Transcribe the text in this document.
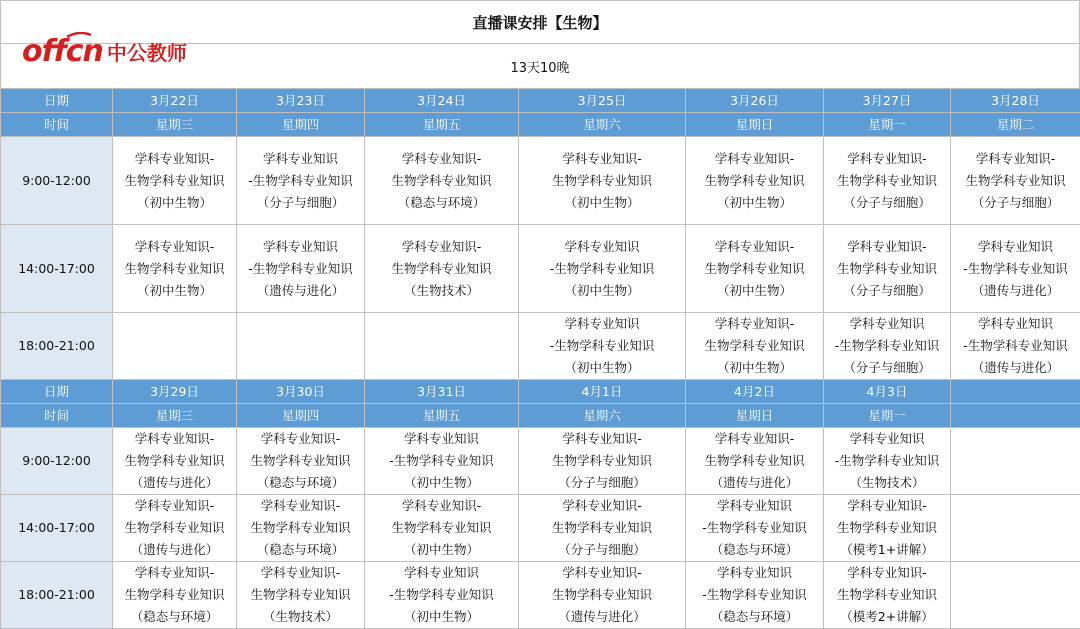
直播课安排【生物】
13天10晚
offcn 中公教师
日期	3月22日	3月23日	3月24日	3月25日	3月26日	3月27日	3月28日
时间	星期三	星期四	星期五	星期六	星期日	星期一	星期二
9:00-12:00	学科专业知识-
生物学科专业知识
（初中生物）	学科专业知识
-生物学科专业知识
（分子与细胞）	学科专业知识-
生物学科专业知识
（稳态与环境）	学科专业知识-
生物学科专业知识
（初中生物）	学科专业知识-
生物学科专业知识
（初中生物）	学科专业知识-
生物学科专业知识
（分子与细胞）	学科专业知识-
生物学科专业知识
（分子与细胞）

14:00-17:00	学科专业知识-
生物学科专业知识
（初中生物）	学科专业知识
-生物学科专业知识
（遗传与进化）	学科专业知识-
生物学科专业知识
（生物技术）	学科专业知识
-生物学科专业知识
（初中生物）	学科专业知识-
生物学科专业知识
（初中生物）	学科专业知识-
生物学科专业知识
（分子与细胞）	学科专业知识
-生物学科专业知识
（遗传与进化）

18:00-21:00				学科专业知识
-生物学科专业知识
（初中生物）	学科专业知识-
生物学科专业知识
（初中生物）	学科专业知识
-生物学科专业知识
（分子与细胞）	学科专业知识
-生物学科专业知识
（遗传与进化）

日期	3月29日	3月30日	3月31日	4月1日	4月2日	4月3日	
时间	星期三	星期四	星期五	星期六	星期日	星期一	
9:00-12:00	学科专业知识-
生物学科专业知识
（遗传与进化）	学科专业知识-
生物学科专业知识
（稳态与环境）	学科专业知识
-生物学科专业知识
（初中生物）	学科专业知识-
生物学科专业知识
（分子与细胞）	学科专业知识-
生物学科专业知识
（遗传与进化）	学科专业知识
-生物学科专业知识
（生物技术）	

14:00-17:00	学科专业知识-
生物学科专业知识
（遗传与进化）	学科专业知识-
生物学科专业知识
（稳态与环境）	学科专业知识-
生物学科专业知识
（初中生物）	学科专业知识-
生物学科专业知识
（分子与细胞）	学科专业知识
-生物学科专业知识
（稳态与环境）	学科专业知识-
生物学科专业知识
（模考1+讲解）	

18:00-21:00	学科专业知识-
生物学科专业知识
（稳态与环境）	学科专业知识-
生物学科专业知识
（生物技术）	学科专业知识
-生物学科专业知识
（初中生物）	学科专业知识-
生物学科专业知识
（遗传与进化）	学科专业知识
-生物学科专业知识
（稳态与环境）	学科专业知识-
生物学科专业知识
（模考2+讲解）	
